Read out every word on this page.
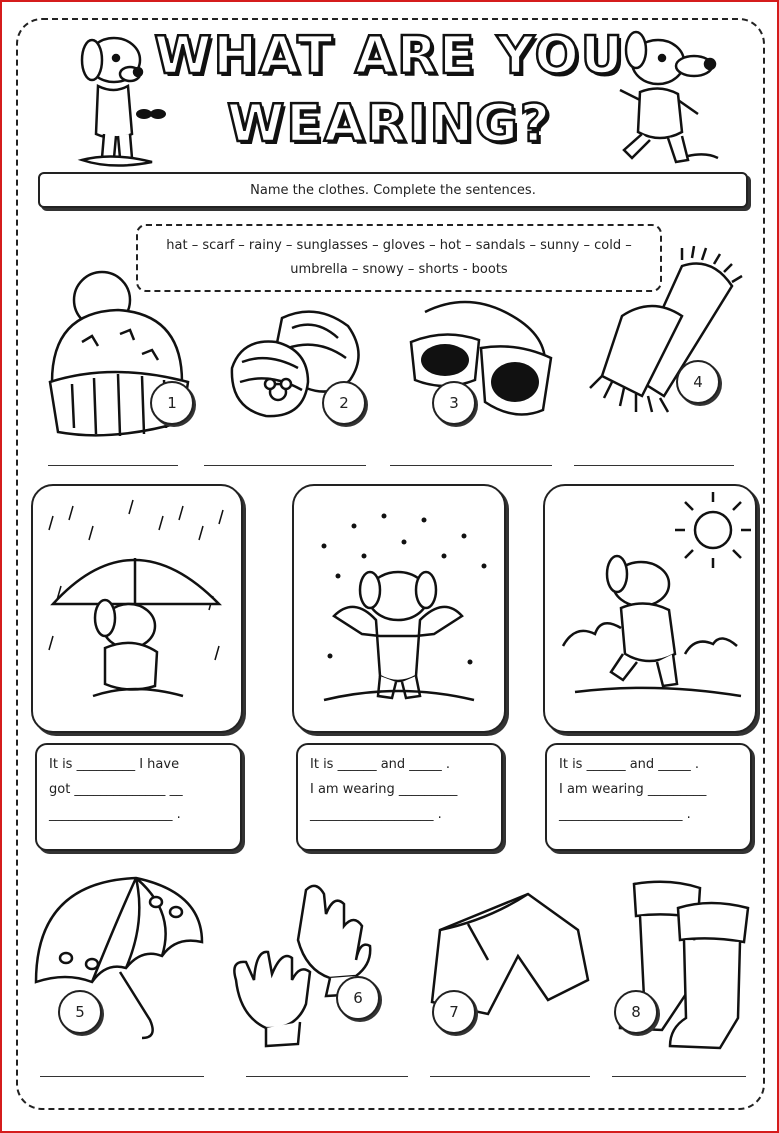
WHAT ARE YOU
WEARING?
Name the clothes. Complete the sentences.
hat – scarf – rainy – sunglasses – gloves – hot – sandals – sunny – cold –
umbrella – snowy – shorts - boots
1	2	3
4
It is _________ I have
got ______________ __
___________________ .
It is ______ and _____ .
I am wearing _________
___________________ .
It is ______ and _____ .
I am wearing _________
___________________ .
5
6
7	8
